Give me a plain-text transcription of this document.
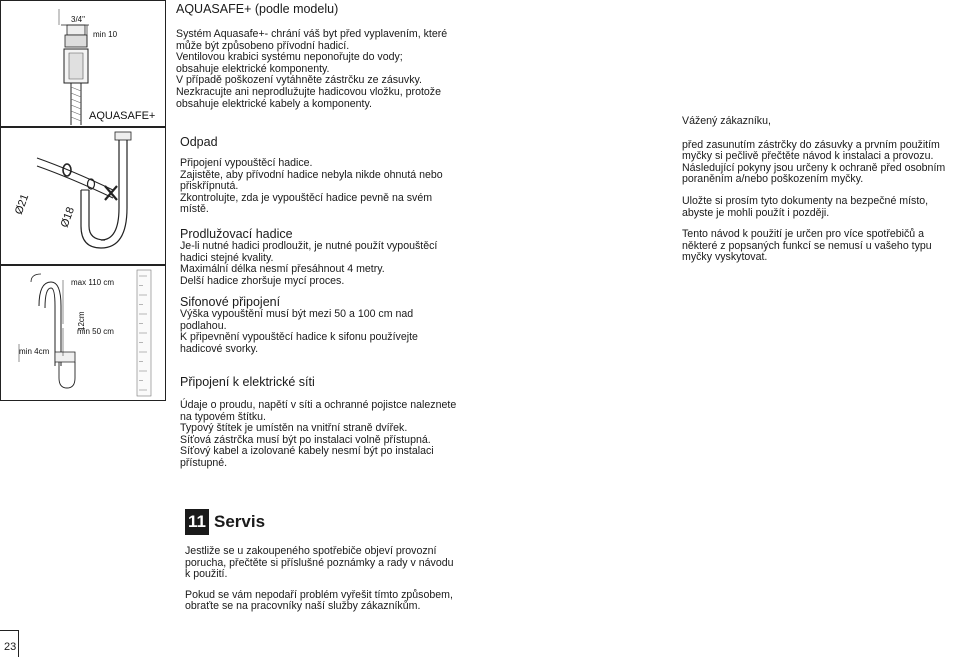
3/4"
min 10
AQUASAFE+
Ø21
Ø18
max 110 cm
min 50 cm
12cm
min 4cm
AQUASAFE+ (podle modelu)

Systém Aquasafe+- chrání váš byt před vyplavením, které

může být způsobeno přívodní hadicí.

Ventilovou krabici systému neponořujte do vody;

obsahuje elektrické komponenty.

V případě poškození vytáhněte zástrčku ze zásuvky.

Nezkracujte ani neprodlužujte hadicovou vložku, protože

obsahuje elektrické kabely a komponenty.

Odpad

Připojení vypouštěcí hadice.

Zajistěte, aby přívodní hadice nebyla nikde ohnutá nebo

přiskřípnutá.

Zkontrolujte, zda je vypouštěcí hadice pevně na svém

místě.

Prodlužovací hadice

Je-li nutné hadici prodloužit, je nutné použít vypouštěcí

hadici stejné kvality.

Maximální délka nesmí přesáhnout 4 metry.

Delší hadice zhoršuje mycí proces.

Sifonové připojení

Výška vypouštění musí být mezi 50 a 100 cm nad

podlahou.

K připevnění vypouštěcí hadice k sifonu používejte

hadicové svorky.

Připojení k elektrické síti

Údaje o proudu, napětí v síti a ochranné pojistce naleznete

na typovém štítku.

Typový štítek je umístěn na vnitřní straně dvířek.

Síťová zástrčka musí být po instalaci volně přístupná.

Síťový kabel a izolované kabely nesmí být po instalaci

přístupné.

11 Servis

Jestliže se u zakoupeného spotřebiče objeví provozní

porucha, přečtěte si příslušné poznámky a rady v návodu

k použití.

Pokud se vám nepodaří problém vyřešit tímto způsobem,

obraťte se na pracovníky naší služby zákazníkům.

Vážený zákazníku,

před zasunutím zástrčky do zásuvky a prvním použitím

myčky si pečlivě přečtěte návod k instalaci a provozu.

Následující pokyny jsou určeny k ochraně před osobním

poraněním a/nebo poškozením myčky.

Uložte si prosím tyto dokumenty na bezpečné místo,

abyste je mohli použít i později.

Tento návod k použití je určen pro více spotřebičů a

některé z popsaných funkcí se nemusí u vašeho typu

myčky vyskytovat.

23
